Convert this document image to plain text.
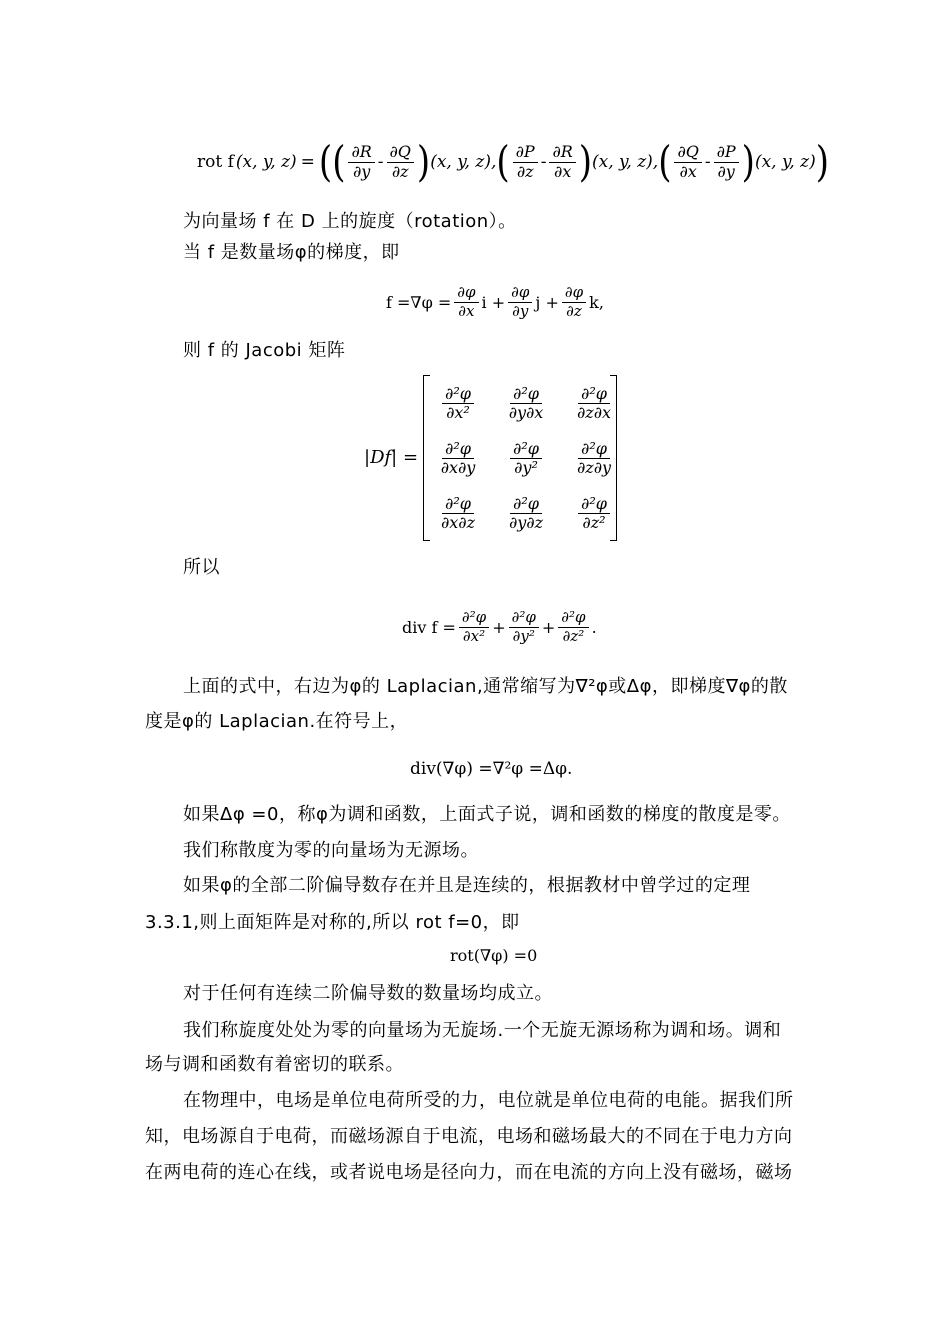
rot f (x, y, z) = ( ( $\frac{\partial R}{\partial y} - \frac{\partial Q}{\partial z}$ ) (x, y, z), ( $\frac{\partial P}{\partial z} - \frac{\partial R}{\partial x}$ ) (x, y, z), ( $\frac{\partial Q}{\partial x} - \frac{\partial P}{\partial y}$ ) (x, y, z) )
为向量场 f 在 D 上的旋度（rotation）。
当 f 是数量场φ的梯度，即
$f =\nabla\varphi = \frac{\partial\varphi}{\partial x}$ $i + \frac{\partial\varphi}{\partial y}$ $j + \frac{\partial\varphi}{\partial z} k$,
则 f 的 Jacobi 矩阵
|Df| =
$\frac{\text{∂²φ}}{\text{∂x²}} \frac{\text{∂²φ}}{\partial y\partial x} \frac{\text{∂²φ}}{\partial z\partial x}$
$\frac{\text{∂²φ}}{\partial x\partial y} \frac{\text{∂²φ}}{\text{∂y²}} \frac{\text{∂²φ}}{\partial z\partial y}$
$\frac{\text{∂²φ}}{\partial x\partial z} \frac{\text{∂²φ}}{\partial y\partial z} \frac{\text{∂²φ}}{\text{∂z²}}$
所以
div $f = \frac{\text{∂²φ}}{\text{∂x²}} + \frac{\text{∂²φ}}{\text{∂y²}} + \frac{\text{∂²φ}}{\text{∂z²}}$ .
上面的式中，右边为φ的 Laplacian,通常缩写为∇²φ或Δφ，即梯度∇φ的散
度是φ的 Laplacian.在符号上，
div(∇φ) =∇²φ =Δφ.
如果Δφ =0，称φ为调和函数，上面式子说，调和函数的梯度的散度是零。
我们称散度为零的向量场为无源场。
如果φ的全部二阶偏导数存在并且是连续的，根据教材中曾学过的定理
3.3.1,则上面矩阵是对称的,所以 rot f=0，即
rot(∇φ) =0
对于任何有连续二阶偏导数的数量场均成立。
我们称旋度处处为零的向量场为无旋场.一个无旋无源场称为调和场。调和
场与调和函数有着密切的联系。
在物理中，电场是单位电荷所受的力，电位就是单位电荷的电能。据我们所
知，电场源自于电荷，而磁场源自于电流，电场和磁场最大的不同在于电力方向
在两电荷的连心在线，或者说电场是径向力，而在电流的方向上没有磁场，磁场
